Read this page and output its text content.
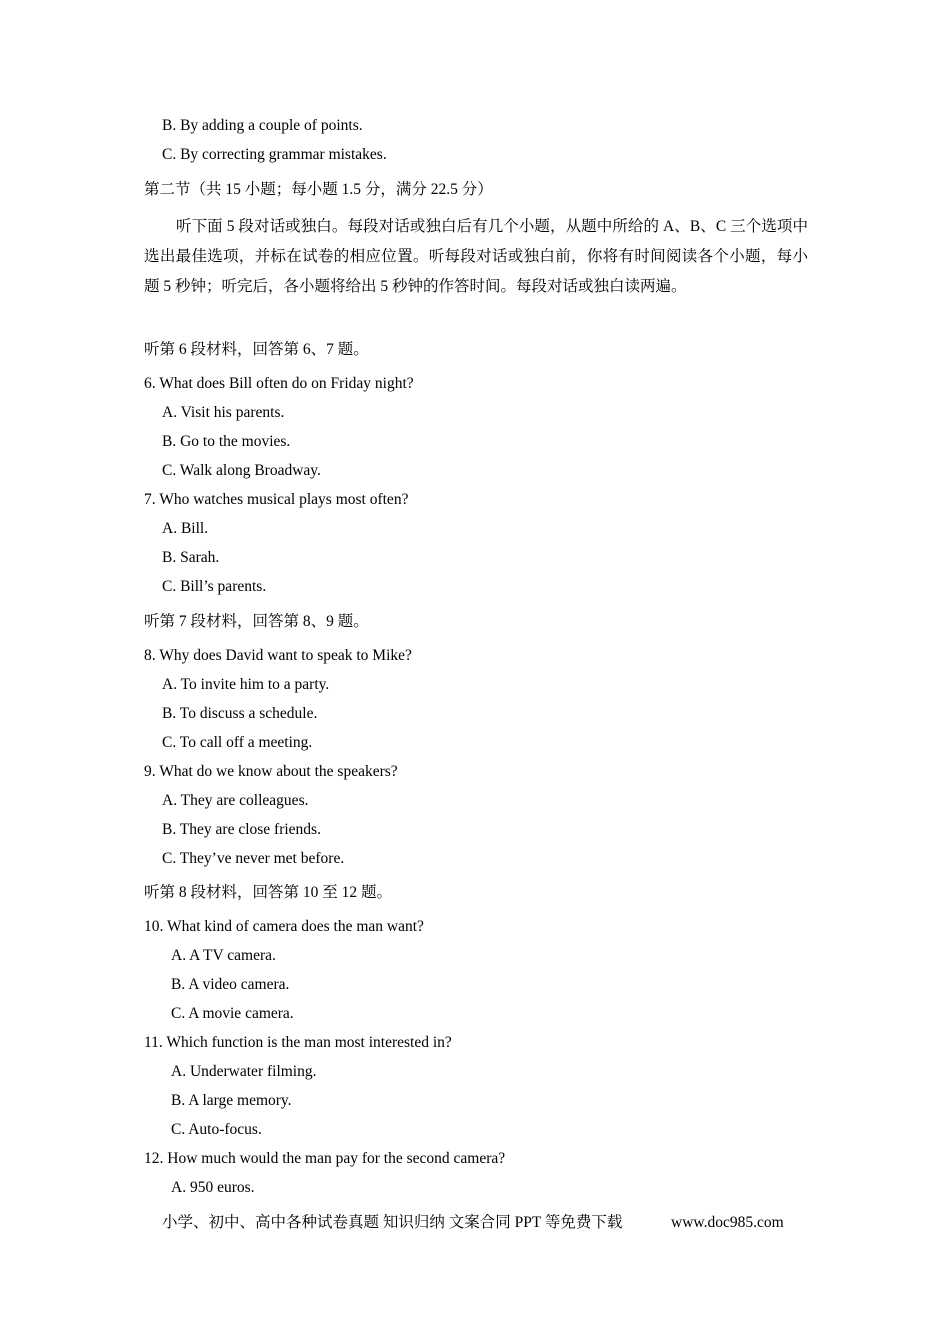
B. By adding a couple of points.
C. By correcting grammar mistakes.
第二节（共 15 小题；每小题 1.5 分，满分 22.5 分）
听下面 5 段对话或独白。每段对话或独白后有几个小题，从题中所给的 A、B、C 三个选项中选出最佳选项，并标在试卷的相应位置。听每段对话或独白前，你将有时间阅读各个小题，每小题 5 秒钟；听完后，各小题将给出 5 秒钟的作答时间。每段对话或独白读两遍。
听第 6 段材料，回答第 6、7 题。
6. What does Bill often do on Friday night?
A. Visit his parents.
B. Go to the movies.
C. Walk along Broadway.
7. Who watches musical plays most often?
A. Bill.
B. Sarah.
C. Bill’s parents.
听第 7 段材料，回答第 8、9 题。
8. Why does David want to speak to Mike?
A. To invite him to a party.
B. To discuss a schedule.
C. To call off a meeting.
9. What do we know about the speakers?
A. They are colleagues.
B. They are close friends.
C. They’ve never met before.
听第 8 段材料，回答第 10 至 12 题。
10. What kind of camera does the man want?
A. A TV camera.
B. A video camera.
C. A movie camera.
11. Which function is the man most interested in?
A. Underwater filming.
B. A large memory.
C. Auto-focus.
12. How much would the man pay for the second camera?
A. 950 euros.
小学、初中、高中各种试卷真题 知识归纳 文案合同 PPT 等免费下载	www.doc985.com
